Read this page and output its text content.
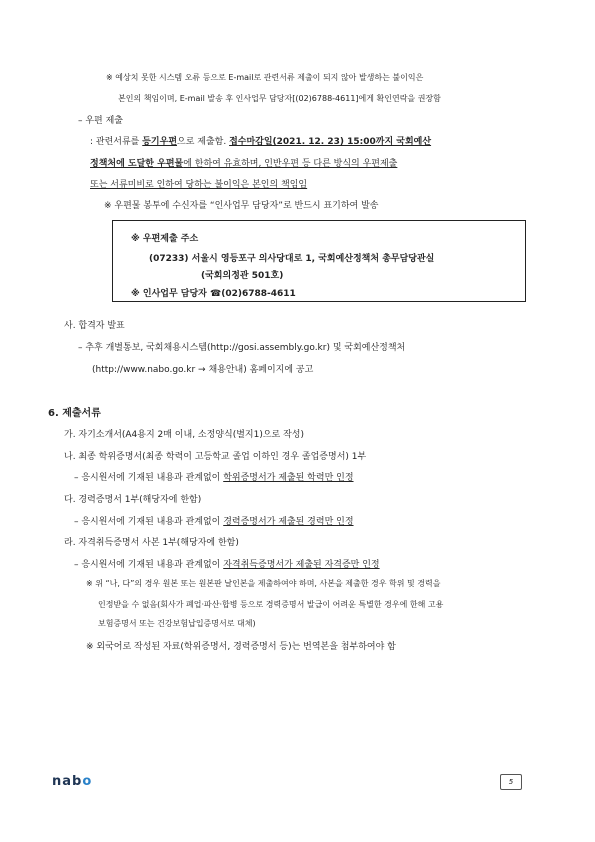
※ 예상치 못한 시스템 오류 등으로 E-mail로 관련서류 제출이 되지 않아 발생하는 불이익은
본인의 책임이며, E-mail 발송 후 인사업무 담당자[(02)6788-4611]에게 확인연락을 권장함
– 우편 제출
: 관련서류를 등기우편으로 제출함. 접수마감일(2021. 12. 23) 15:00까지 국회예산
정책처에 도달한 우편물에 한하여 유효하며, 인반우편 등 다른 방식의 우편제출
또는 서류미비로 인하여 당하는 불이익은 본인의 책임임
※ 우편물 봉투에 수신자를 “인사업무 담당자”로 반드시 표기하여 발송
※ 우편제출 주소
(07233) 서울시 영등포구 의사당대로 1, 국회예산정책처 총무담당관실
(국회의정관 501호)
※ 인사업무 담당자 ☎(02)6788-4611
사. 합격자 발표
– 추후 개별통보, 국회채용시스템(http://gosi.assembly.go.kr) 및 국회예산정책처
(http://www.nabo.go.kr → 채용안내) 홈페이지에 공고
6. 제출서류
가. 자기소개서(A4용지 2매 이내, 소정양식(별지1)으로 작성)
나. 최종 학위증명서(최종 학력이 고등학교 졸업 이하인 경우 졸업증명서) 1부
– 응시원서에 기재된 내용과 관계없이 학위증명서가 제출된 학력만 인정
다. 경력증명서 1부(해당자에 한함)
– 응시원서에 기재된 내용과 관계없이 경력증명서가 제출된 경력만 인정
라. 자격취득증명서 사본 1부(해당자에 한함)
– 응시원서에 기재된 내용과 관계없이 자격취득증명서가 제출된 자격증만 인정
※ 위 “나, 다”의 경우 원본 또는 원본판 날인본을 제출하여야 하며, 사본을 제출한 경우 학위 및 경력을
인정받을 수 없음(회사가 폐업·파산·합병 등으로 경력증명서 발급이 어려운 특별한 경우에 한해 고용
보험증명서 또는 건강보험납입증명서로 대체)
※ 외국어로 작성된 자료(학위증명서, 경력증명서 등)는 번역본을 첨부하여야 함
nabo	5
